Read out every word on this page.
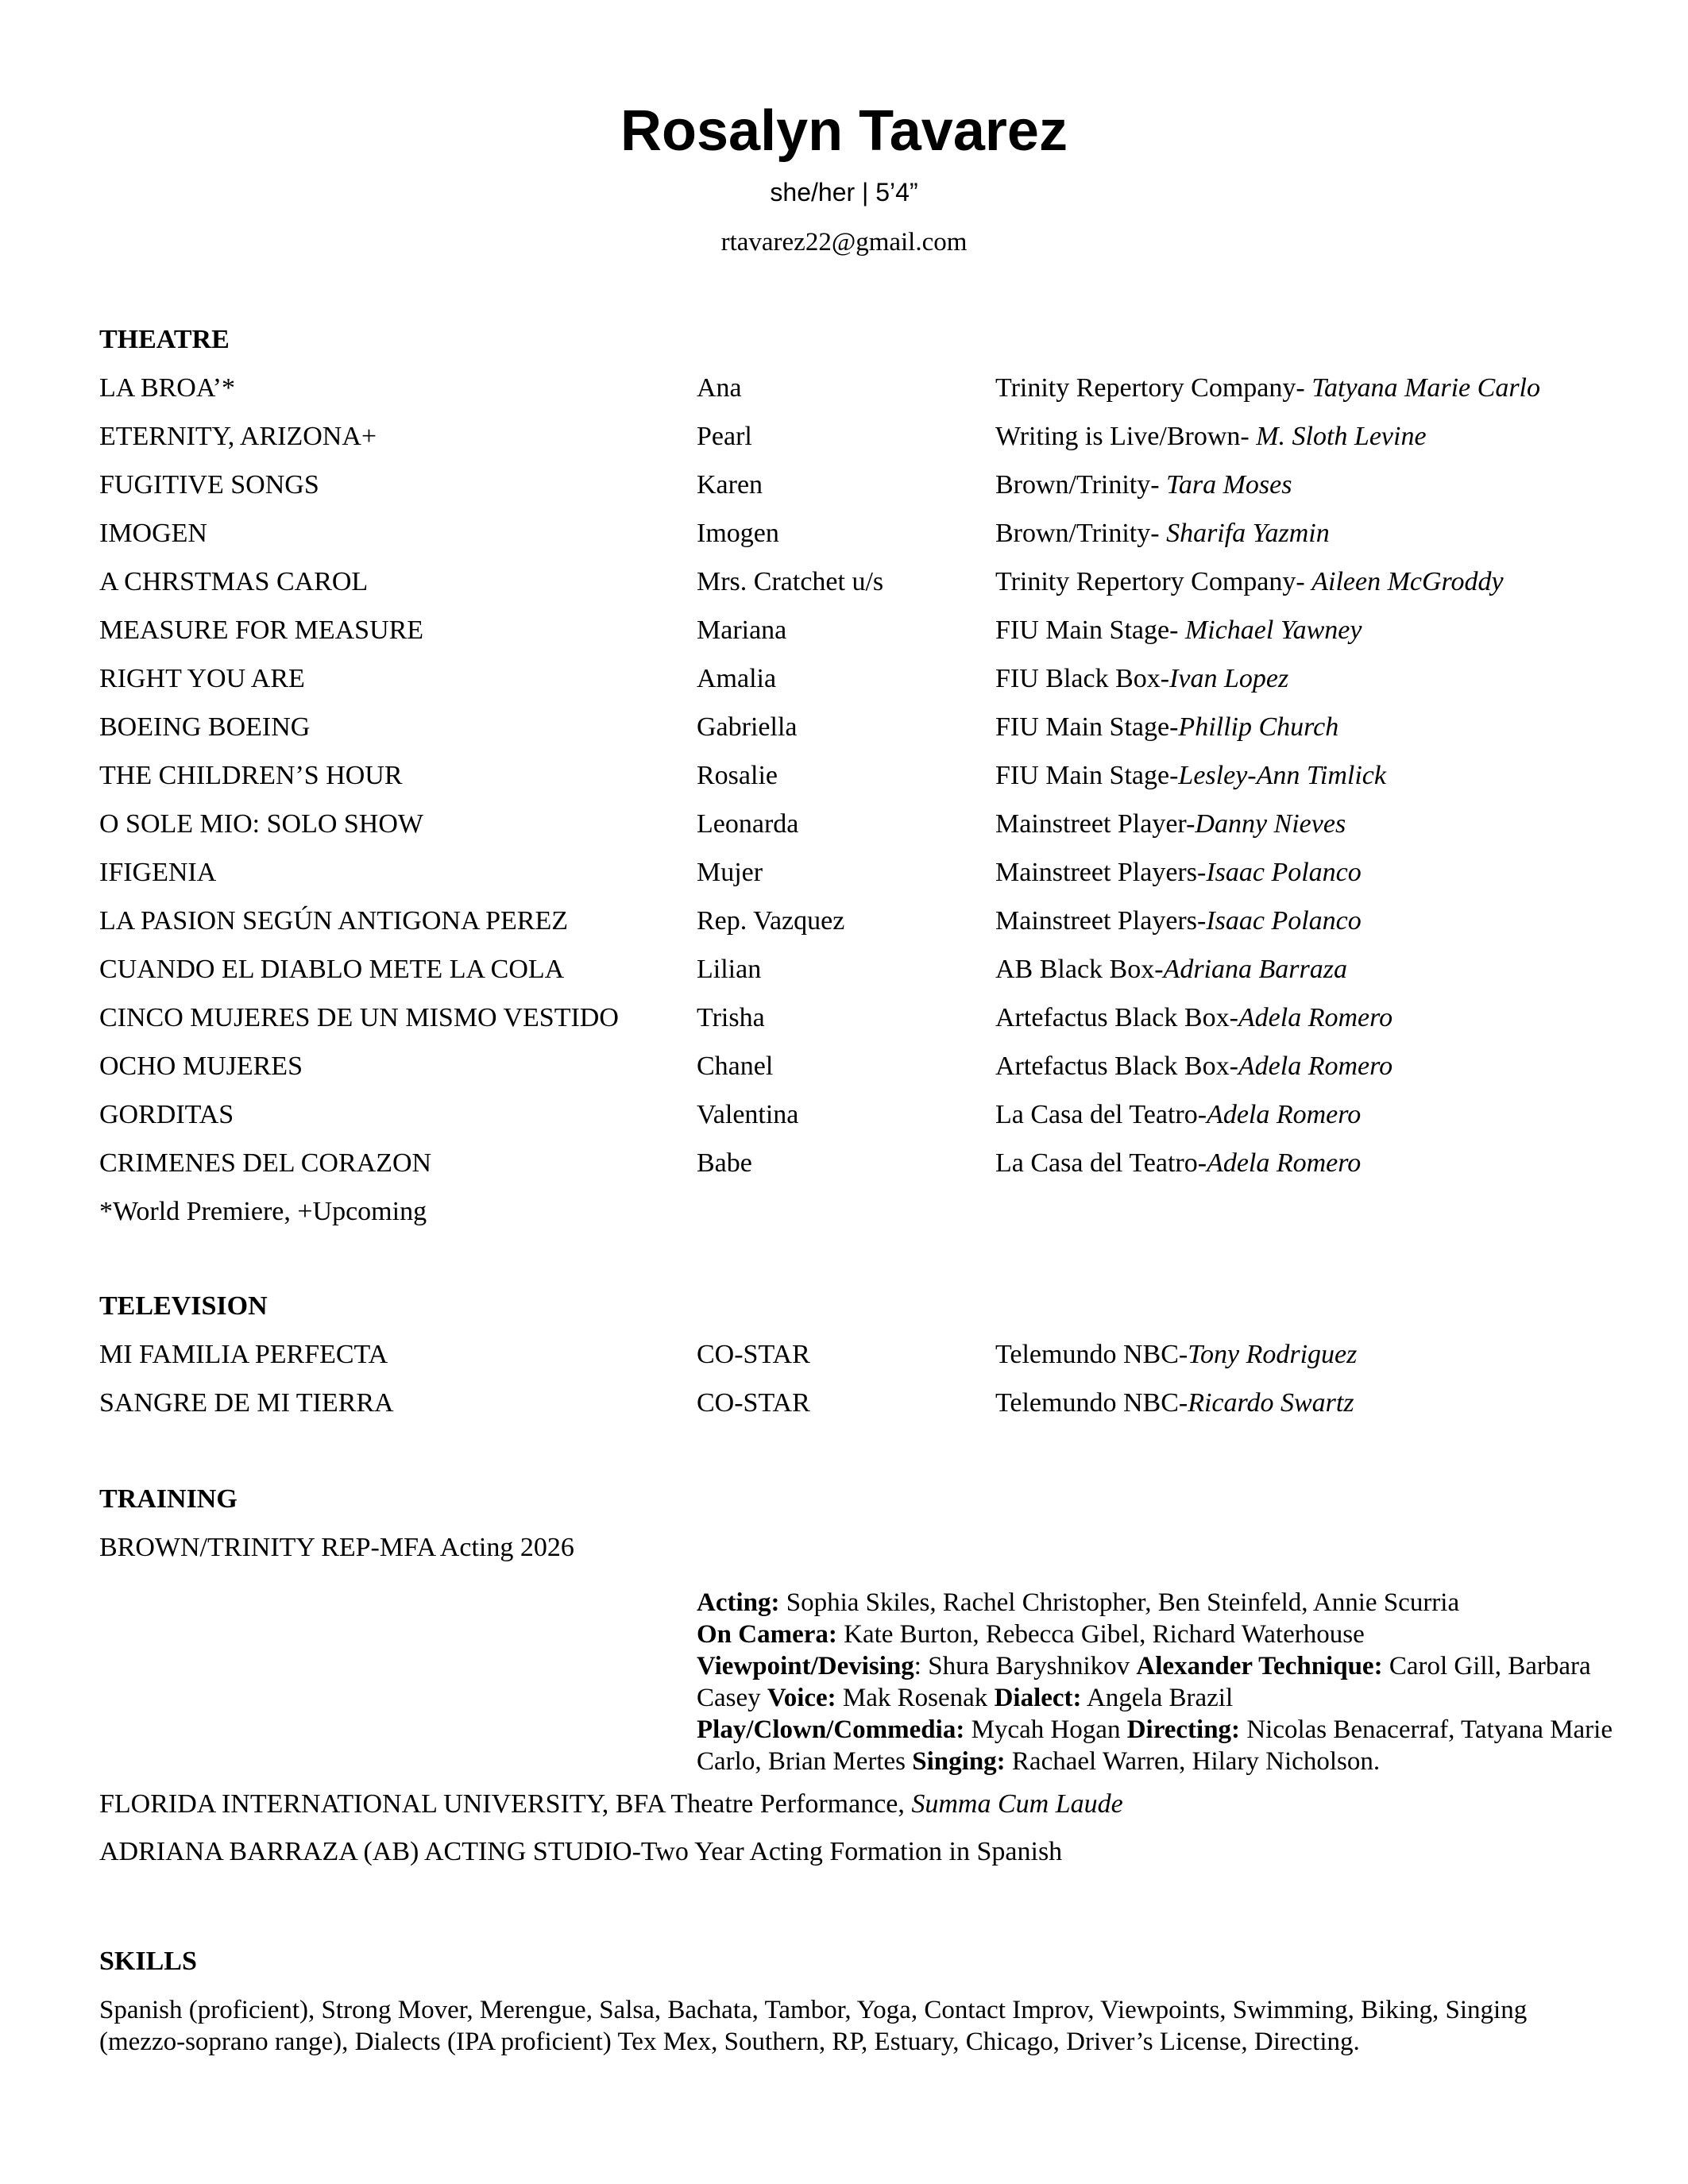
Rosalyn Tavarez
she/her | 5’4”
rtavarez22@gmail.com
THEATRE
LA BROA’*	Ana	Trinity Repertory Company- Tatyana Marie Carlo
ETERNITY, ARIZONA+	Pearl	Writing is Live/Brown- M. Sloth Levine
FUGITIVE SONGS	Karen	Brown/Trinity- Tara Moses
IMOGEN	Imogen	Brown/Trinity- Sharifa Yazmin
A CHRSTMAS CAROL	Mrs. Cratchet u/s	Trinity Repertory Company- Aileen McGroddy
MEASURE FOR MEASURE	Mariana	FIU Main Stage- Michael Yawney
RIGHT YOU ARE	Amalia	FIU Black Box-Ivan Lopez
BOEING BOEING	Gabriella	FIU Main Stage-Phillip Church
THE CHILDREN’S HOUR	Rosalie	FIU Main Stage-Lesley-Ann Timlick
O SOLE MIO: SOLO SHOW	Leonarda	Mainstreet Player-Danny Nieves
IFIGENIA	Mujer	Mainstreet Players-Isaac Polanco
LA PASION SEGÚN ANTIGONA PEREZ	Rep. Vazquez	Mainstreet Players-Isaac Polanco
CUANDO EL DIABLO METE LA COLA	Lilian	AB Black Box-Adriana Barraza
CINCO MUJERES DE UN MISMO VESTIDO	Trisha	Artefactus Black Box-Adela Romero
OCHO MUJERES	Chanel	Artefactus Black Box-Adela Romero
GORDITAS	Valentina	La Casa del Teatro-Adela Romero
CRIMENES DEL CORAZON	Babe	La Casa del Teatro-Adela Romero
*World Premiere, +Upcoming
TELEVISION
MI FAMILIA PERFECTA	CO-STAR	Telemundo NBC-Tony Rodriguez
SANGRE DE MI TIERRA	CO-STAR	Telemundo NBC-Ricardo Swartz
TRAINING
BROWN/TRINITY REP-MFA Acting 2026
Acting: Sophia Skiles, Rachel Christopher, Ben Steinfeld, Annie Scurria
On Camera: Kate Burton, Rebecca Gibel, Richard Waterhouse
Viewpoint/Devising: Shura Baryshnikov Alexander Technique: Carol Gill, Barbara Casey Voice: Mak Rosenak Dialect: Angela Brazil
Play/Clown/Commedia: Mycah Hogan Directing: Nicolas Benacerraf, Tatyana Marie Carlo, Brian Mertes Singing: Rachael Warren, Hilary Nicholson.
FLORIDA INTERNATIONAL UNIVERSITY, BFA Theatre Performance, Summa Cum Laude
ADRIANA BARRAZA (AB) ACTING STUDIO-Two Year Acting Formation in Spanish
SKILLS
Spanish (proficient), Strong Mover, Merengue, Salsa, Bachata, Tambor, Yoga, Contact Improv, Viewpoints, Swimming, Biking, Singing (mezzo-soprano range), Dialects (IPA proficient) Tex Mex, Southern, RP, Estuary, Chicago, Driver’s License, Directing.
